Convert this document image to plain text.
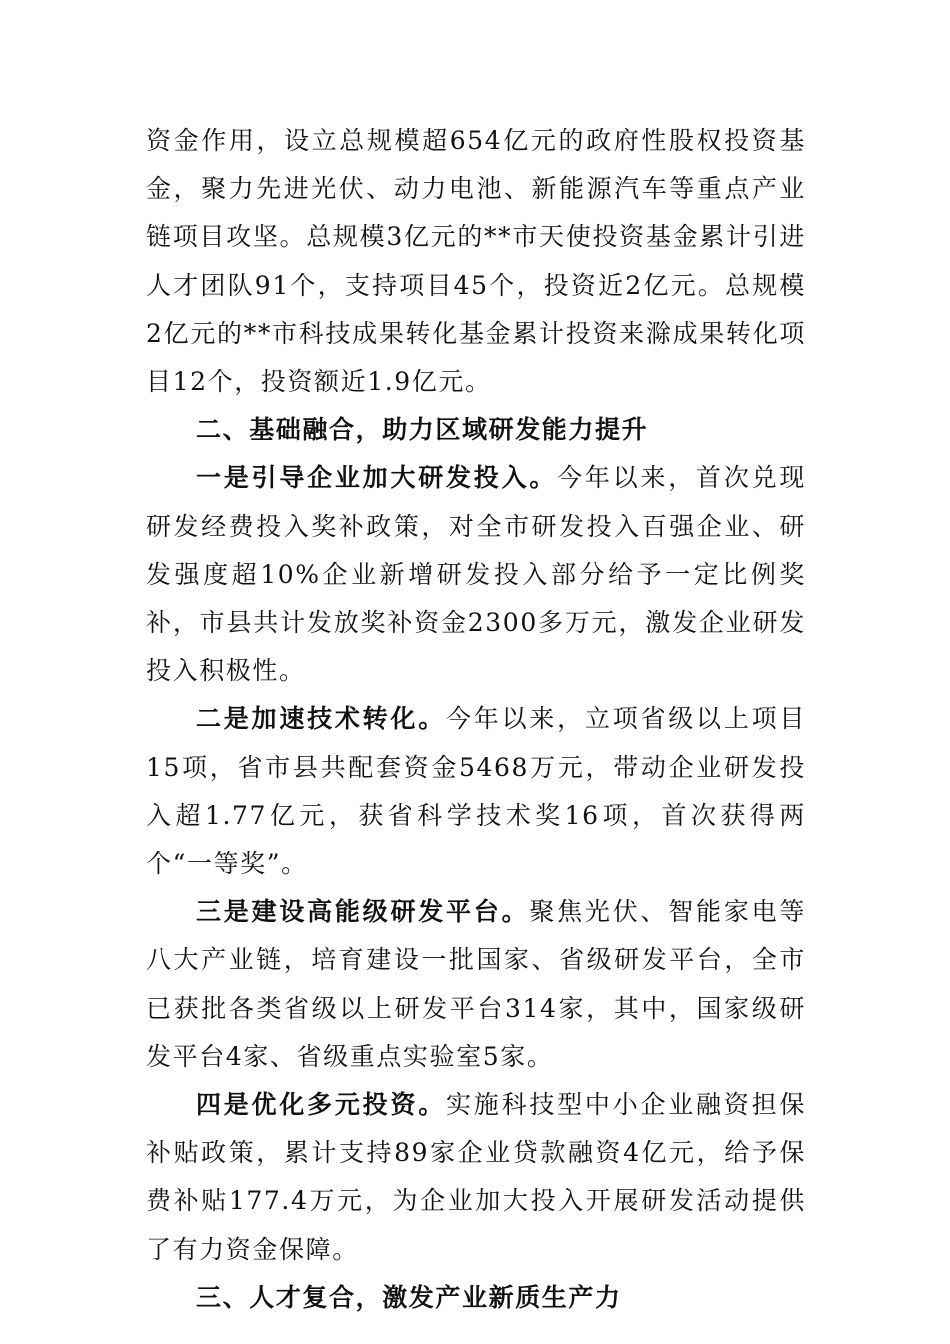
资金作用，设立总规模超654亿元的政府性股权投资基金，聚力先进光伏、动力电池、新能源汽车等重点产业链项目攻坚。总规模3亿元的**市天使投资基金累计引进人才团队91个，支持项目45个，投资近2亿元。总规模2亿元的**市科技成果转化基金累计投资来滁成果转化项目12个，投资额近1.9亿元。

二、基础融合，助力区域研发能力提升

一是引导企业加大研发投入。今年以来，首次兑现研发经费投入奖补政策，对全市研发投入百强企业、研发强度超10%企业新增研发投入部分给予一定比例奖补，市县共计发放奖补资金2300多万元，激发企业研发投入积极性。

二是加速技术转化。今年以来，立项省级以上项目15项，省市县共配套资金5468万元，带动企业研发投入超1.77亿元，获省科学技术奖16项，首次获得两个“一等奖”。

三是建设高能级研发平台。聚焦光伏、智能家电等八大产业链，培育建设一批国家、省级研发平台，全市已获批各类省级以上研发平台314家，其中，国家级研发平台4家、省级重点实验室5家。

四是优化多元投资。实施科技型中小企业融资担保补贴政策，累计支持89家企业贷款融资4亿元，给予保费补贴177.4万元，为企业加大投入开展研发活动提供了有力资金保障。

三、人才复合，激发产业新质生产力
